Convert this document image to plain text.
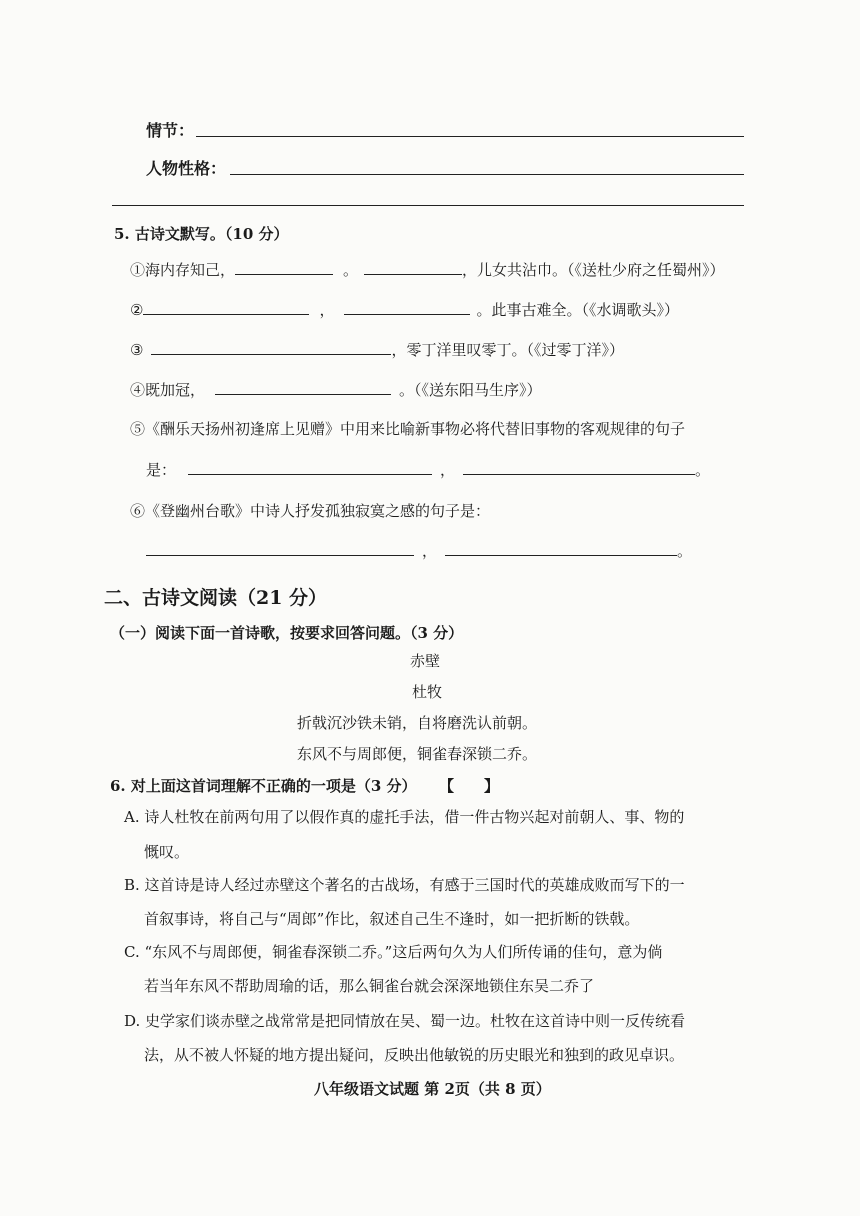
情节：
人物性格：
5. 古诗文默写。（10 分）
①海内存知己，	。	，儿女共沾巾。（《送杜少府之任蜀州》）
②	，	。此事古难全。（《水调歌头》）
③	，零丁洋里叹零丁。（《过零丁洋》）
④既加冠，	。（《送东阳马生序》）
⑤《酬乐天扬州初逢席上见赠》中用来比喻新事物必将代替旧事物的客观规律的句子
是：	，	。
⑥《登幽州台歌》中诗人抒发孤独寂寞之感的句子是：
，	。
二、古诗文阅读（21 分）
（一）阅读下面一首诗歌，按要求回答问题。（3 分）
赤壁
杜牧
折戟沉沙铁未销，自将磨洗认前朝。
东风不与周郎便，铜雀春深锁二乔。
6. 对上面这首词理解不正确的一项是（3 分） 【　　】
A. 诗人杜牧在前两句用了以假作真的虚托手法，借一件古物兴起对前朝人、事、物的
慨叹。
B. 这首诗是诗人经过赤壁这个著名的古战场，有感于三国时代的英雄成败而写下的一
首叙事诗，将自己与“周郎”作比，叙述自己生不逢时，如一把折断的铁戟。
C. “东风不与周郎便，铜雀春深锁二乔。”这后两句久为人们所传诵的佳句，意为倘
若当年东风不帮助周瑜的话，那么铜雀台就会深深地锁住东吴二乔了
D. 史学家们谈赤壁之战常常是把同情放在吴、蜀一边。杜牧在这首诗中则一反传统看
法，从不被人怀疑的地方提出疑问，反映出他敏锐的历史眼光和独到的政见卓识。
八年级语文试题 第 2页（共 8 页）
